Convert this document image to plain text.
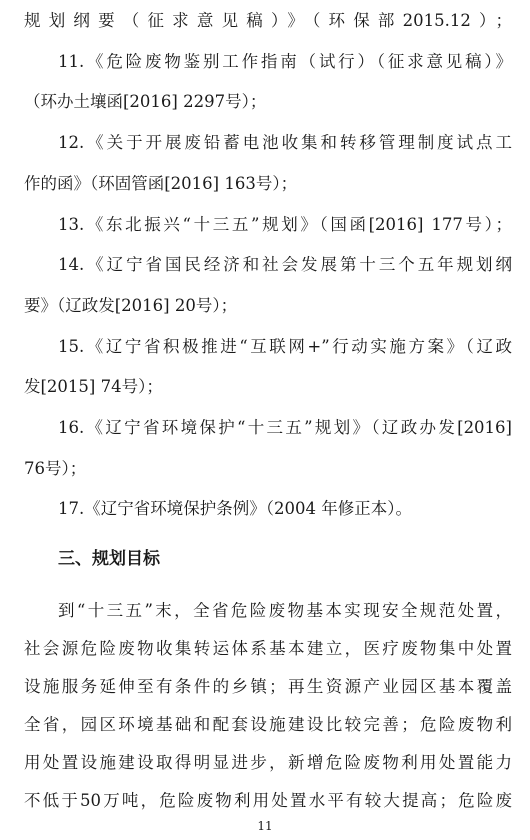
规划纲要（征求意见稿）》（环保部2015.12）；
11.《危险废物鉴别工作指南（试行）（征求意见稿）》
（环办土壤函[2016] 2297号）；
12.《关于开展废铅蓄电池收集和转移管理制度试点工
作的函》（环固管函[2016] 163号）；
13.《东北振兴“十三五”规划》（国函[2016] 177号）；
14.《辽宁省国民经济和社会发展第十三个五年规划纲
要》（辽政发[2016] 20号）；
15.《辽宁省积极推进“互联网+”行动实施方案》（辽政
发[2015] 74号）；
16.《辽宁省环境保护“十三五”规划》（辽政办发[2016]
76号）；
17.《辽宁省环境保护条例》（2004 年修正本）。
三、规划目标
到“十三五”末，全省危险废物基本实现安全规范处置，
社会源危险废物收集转运体系基本建立，医疗废物集中处置
设施服务延伸至有条件的乡镇；再生资源产业园区基本覆盖
全省，园区环境基础和配套设施建设比较完善；危险废物利
用处置设施建设取得明显进步，新增危险废物利用处置能力
11
不低于50万吨，危险废物利用处置水平有较大提高；危险废
